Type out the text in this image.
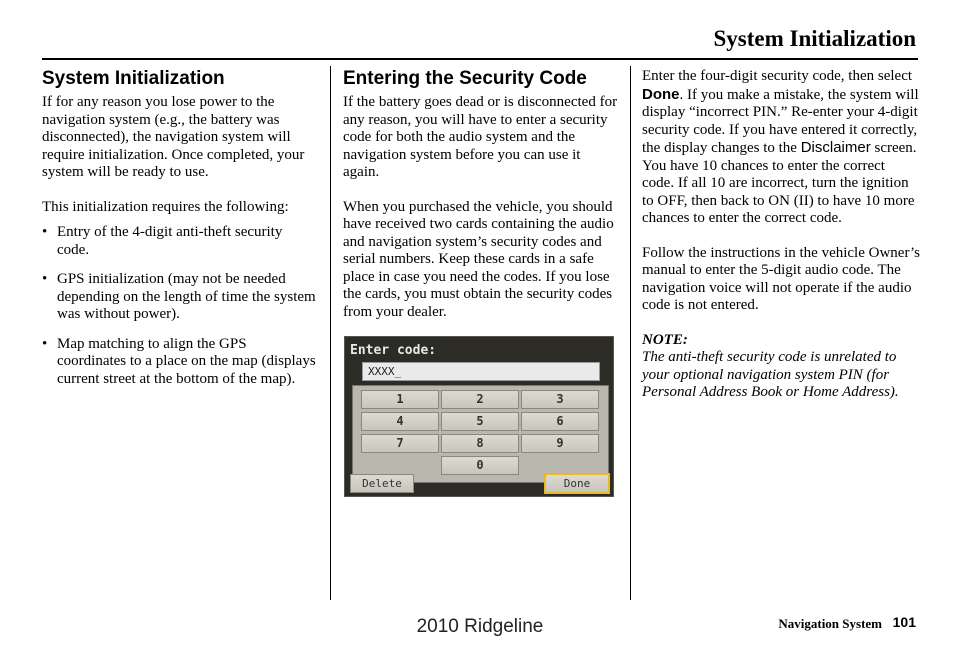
System Initialization
System Initialization

If for any reason you lose power to the navigation system (e.g., the battery was disconnected), the navigation system will require initialization. Once completed, your system will be ready to use.

This initialization requires the following:

• Entry of the 4-digit anti-theft security code.
• GPS initialization (may not be needed depending on the length of time the system was without power).
• Map matching to align the GPS coordinates to a place on the map (displays current street at the bottom of the map).
Entering the Security Code

If the battery goes dead or is disconnected for any reason, you will have to enter a security code for both the audio system and the navigation system before you can use it again.

When you purchased the vehicle, you should have received two cards containing the audio and navigation system’s security codes and serial numbers. Keep these cards in a safe place in case you need the codes. If you lose the cards, you must obtain the security codes from your dealer.

Enter code:
XXXX_
1	2	3
4	5	6
7	8	9
0
Delete	Done

Enter the four-digit security code, then select Done. If you make a mistake, the system will display “incorrect PIN.” Re-enter your 4-digit security code. If you have entered it correctly, the display changes to the Disclaimer screen. You have 10 chances to enter the correct code. If all 10 are incorrect, turn the ignition to OFF, then back to ON (II) to have 10 more chances to enter the correct code.

Follow the instructions in the vehicle Owner’s manual to enter the 5-digit audio code. The navigation voice will not operate if the audio code is not entered.

NOTE:

The anti-theft security code is unrelated to your optional navigation system PIN (for Personal Address Book or Home Address).

Navigation System 101
2010 Ridgeline
